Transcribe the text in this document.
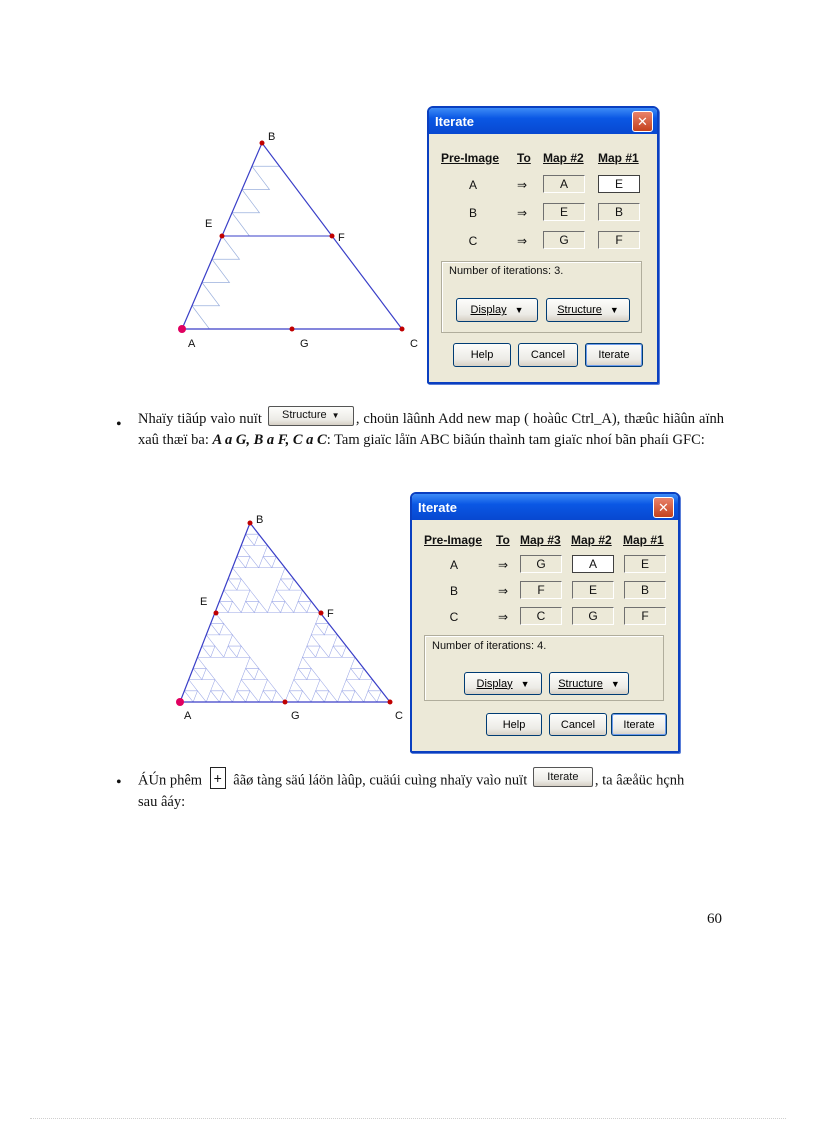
B
E
F
A	G	C
Iterate	✕
Pre-Image To Map #2 Map #1
A	⇒	A	E
B	⇒	E	B
C	⇒	G	F
Number of iterations: 3.
Display ▼	Structure ▼
Help	Cancel	Iterate
• Nhaïy tiãúp vaìo nuït Structure ▼ , choün lãûnh Add new map ( hoàûc Ctrl_A), thæûc hiãûn aïnh xaû thæï ba: A a G, B a F, C a C: Tam giaïc låïn ABC biãún thaình tam giaïc nhoí bãn phaíi GFC:
B
E
F
A	G	C
Iterate	✕
Pre-Image To Map #3 Map #2 Map #1
A	⇒	G	A	E
B	⇒	F	E	B
C	⇒	C	G	F
Number of iterations: 4.
Display ▼	Structure ▼
Help	Cancel	Iterate
• ÁÚn phêm + âãø tàng säú láön làûp, cuäúi cuìng nhaïy vaìo nuït Iterate , ta âæåüc hçnh sau âáy:
60
